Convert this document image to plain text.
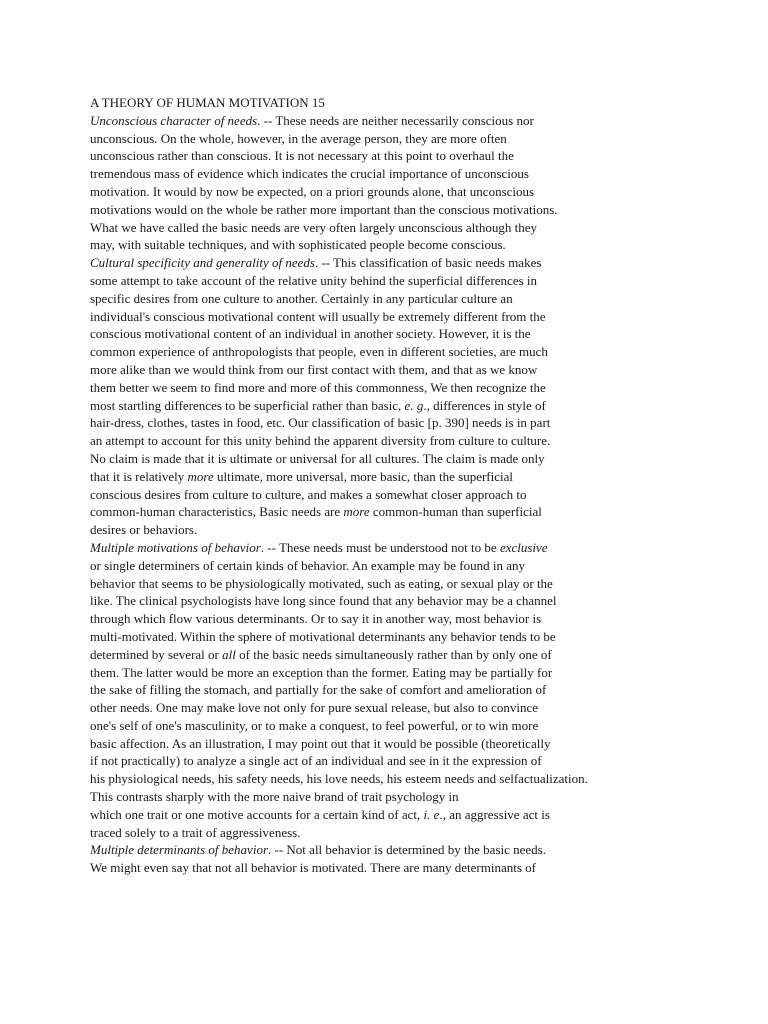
A THEORY OF HUMAN MOTIVATION 15
Unconscious character of needs. -- These needs are neither necessarily conscious nor
unconscious. On the whole, however, in the average person, they are more often
unconscious rather than conscious. It is not necessary at this point to overhaul the
tremendous mass of evidence which indicates the crucial importance of unconscious
motivation. It would by now be expected, on a priori grounds alone, that unconscious
motivations would on the whole be rather more important than the conscious motivations.
What we have called the basic needs are very often largely unconscious although they
may, with suitable techniques, and with sophisticated people become conscious.
Cultural specificity and generality of needs. -- This classification of basic needs makes
some attempt to take account of the relative unity behind the superficial differences in
specific desires from one culture to another. Certainly in any particular culture an
individual's conscious motivational content will usually be extremely different from the
conscious motivational content of an individual in another society. However, it is the
common experience of anthropologists that people, even in different societies, are much
more alike than we would think from our first contact with them, and that as we know
them better we seem to find more and more of this commonness, We then recognize the
most startling differences to be superficial rather than basic, e. g., differences in style of
hair-dress, clothes, tastes in food, etc. Our classification of basic [p. 390] needs is in part
an attempt to account for this unity behind the apparent diversity from culture to culture.
No claim is made that it is ultimate or universal for all cultures. The claim is made only
that it is relatively more ultimate, more universal, more basic, than the superficial
conscious desires from culture to culture, and makes a somewhat closer approach to
common-human characteristics, Basic needs are more common-human than superficial
desires or behaviors.
Multiple motivations of behavior. -- These needs must be understood not to be exclusive
or single determiners of certain kinds of behavior. An example may be found in any
behavior that seems to be physiologically motivated, such as eating, or sexual play or the
like. The clinical psychologists have long since found that any behavior may be a channel
through which flow various determinants. Or to say it in another way, most behavior is
multi-motivated. Within the sphere of motivational determinants any behavior tends to be
determined by several or all of the basic needs simultaneously rather than by only one of
them. The latter would be more an exception than the former. Eating may be partially for
the sake of filling the stomach, and partially for the sake of comfort and amelioration of
other needs. One may make love not only for pure sexual release, but also to convince
one's self of one's masculinity, or to make a conquest, to feel powerful, or to win more
basic affection. As an illustration, I may point out that it would be possible (theoretically
if not practically) to analyze a single act of an individual and see in it the expression of
his physiological needs, his safety needs, his love needs, his esteem needs and selfactualization.
This contrasts sharply with the more naive brand of trait psychology in
which one trait or one motive accounts for a certain kind of act, i. e., an aggressive act is
traced solely to a trait of aggressiveness.
Multiple determinants of behavior. -- Not all behavior is determined by the basic needs.
We might even say that not all behavior is motivated. There are many determinants of
